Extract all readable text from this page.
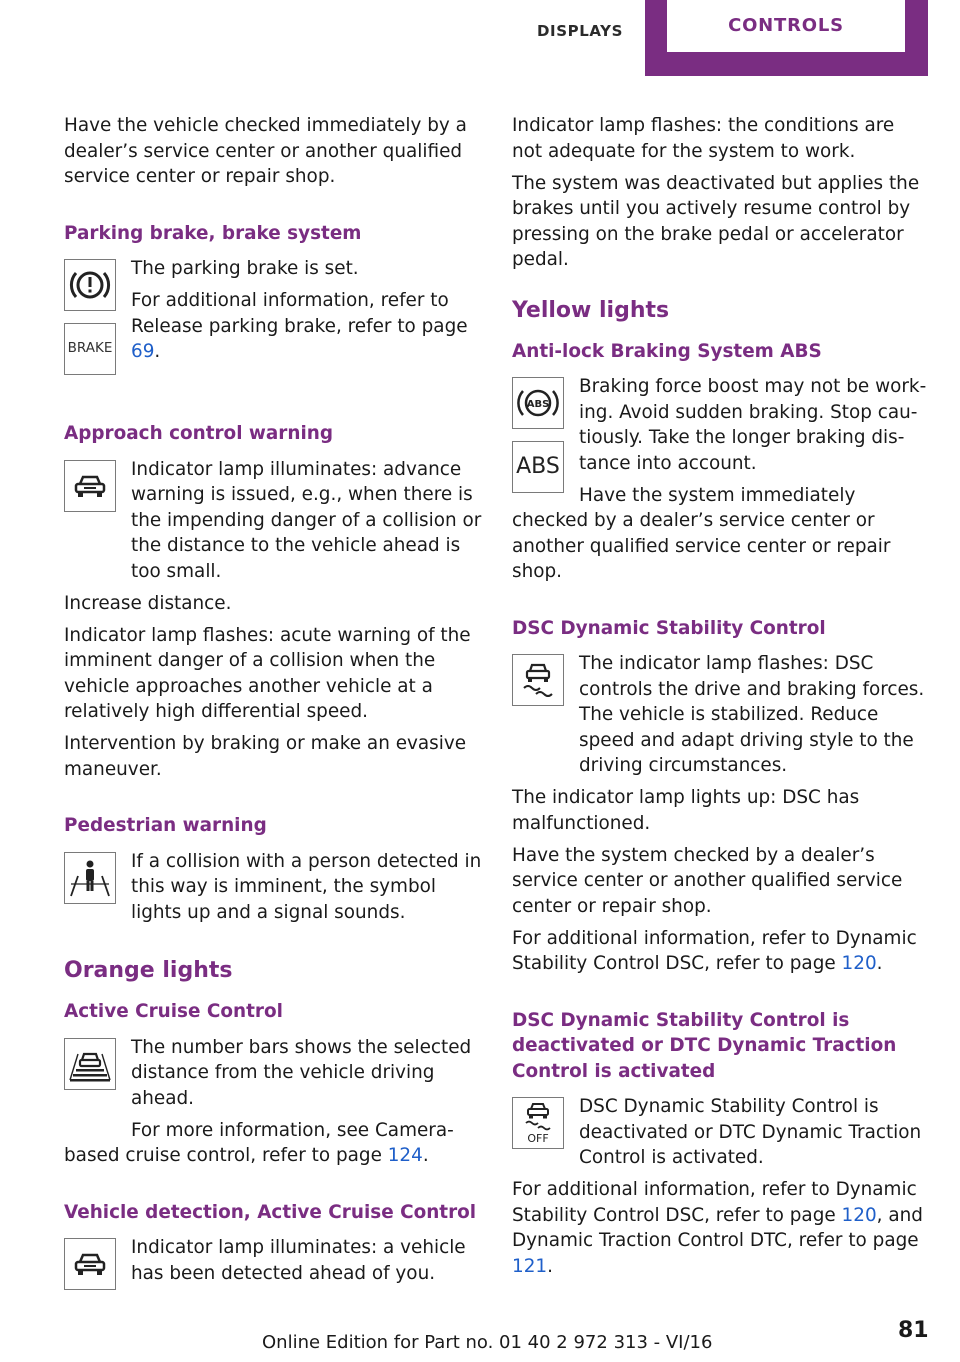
DISPLAYS	CONTROLS

Have the vehicle checked immediately by a dealer’s service center or another qualified service center or repair shop.

Parking brake, brake system
BRAKE

The parking brake is set.

For additional information, refer to Release parking brake, refer to page 69.

Approach control warning

Indicator lamp illuminates: advance warning is issued, e.g., when there is the impending danger of a collision or the distance to the vehicle ahead is too small.

Increase distance.

Indicator lamp flashes: acute warning of the imminent danger of a collision when the vehicle approaches another vehicle at a relatively high differential speed.

Intervention by braking or make an evasive maneuver.

Pedestrian warning

If a collision with a person detected in this way is imminent, the symbol lights up and a signal sounds.

Orange lights
Active Cruise Control

The number bars shows the selected distance from the vehicle driving ahead.

For more information, see Camera-based cruise control, refer to page 124.

Vehicle detection, Active Cruise Control

Indicator lamp illuminates: a vehicle has been detected ahead of you.

Indicator lamp flashes: the conditions are not adequate for the system to work.

The system was deactivated but applies the brakes until you actively resume control by pressing on the brake pedal or accelerator pedal.

Yellow lights
Anti-lock Braking System ABS
ABS
ABS

Braking force boost may not be working. Avoid sudden braking. Stop cautiously. Take the longer braking distance into account.

Have the system immediately checked by a dealer’s service center or another qualified service center or repair shop.

DSC Dynamic Stability Control

The indicator lamp flashes: DSC controls the drive and braking forces. The vehicle is stabilized. Reduce speed and adapt driving style to the driving circumstances.

The indicator lamp lights up: DSC has malfunctioned.

Have the system checked by a dealer’s service center or another qualified service center or repair shop.

For additional information, refer to Dynamic Stability Control DSC, refer to page 120.

DSC Dynamic Stability Control is deactivated or DTC Dynamic Traction Control is activated
OFF

DSC Dynamic Stability Control is deactivated or DTC Dynamic Traction Control is activated.

For additional information, refer to Dynamic Stability Control DSC, refer to page 120, and Dynamic Traction Control DTC, refer to page 121.

Online Edition for Part no. 01 40 2 972 313 - VI/16	81
